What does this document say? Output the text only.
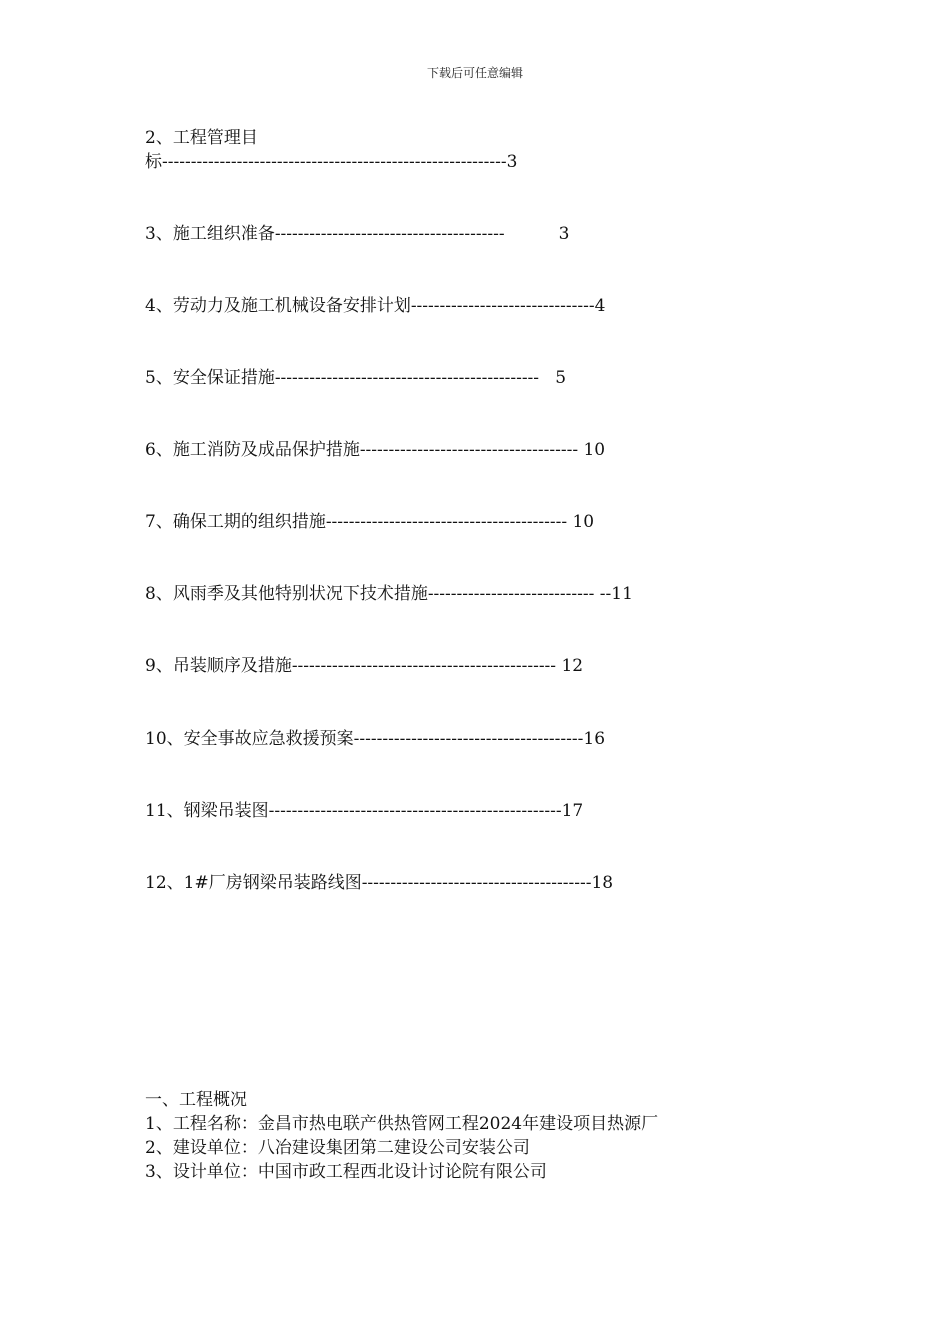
下载后可任意编辑
2、工程管理目
标------------------------------------------------------------3
3、施工组织准备----------------------------------------          3
4、劳动力及施工机械设备安排计划--------------------------------4
5、安全保证措施----------------------------------------------   5
6、施工消防及成品保护措施-------------------------------------- 10
7、确保工期的组织措施------------------------------------------ 10
8、风雨季及其他特别状况下技术措施----------------------------- --11
9、吊装顺序及措施---------------------------------------------- 12
10、安全事故应急救援预案----------------------------------------16
11、钢梁吊装图---------------------------------------------------17
12、1#厂房钢梁吊装路线图----------------------------------------18
一、工程概况
1、工程名称：金昌市热电联产供热管网工程2024年建设项目热源厂
2、建设单位：八冶建设集团第二建设公司安装公司
3、设计单位：中国市政工程西北设计讨论院有限公司
